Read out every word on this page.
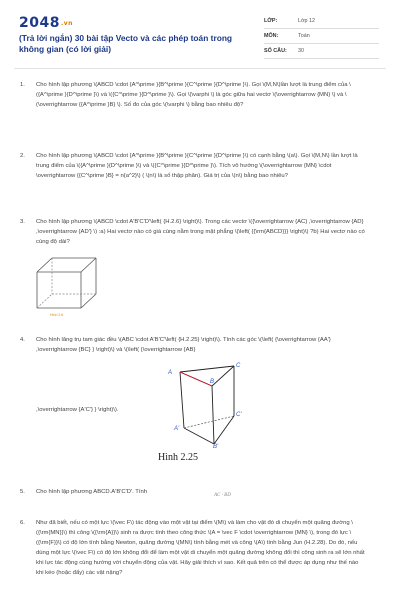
2048.vn
(Trả lời ngắn) 30 bài tập Vecto và các phép toán trong không gian (có lời giải)
LỚP:	Lớp 12
MÔN:	Toán
SỐ CÂU:	30
1.	Cho hình lập phương \(ABCD \cdot {A^\prime }{B^\prime }{C^\prime }{D^\prime }\). Gọi \(M,N\)lần lượt là trung điểm của \({A^\prime }{D^\prime }\) và \({C^\prime }{D^\prime }\). Gọi \(\varphi \) là góc giữa hai vectơ \(\overrightarrow {MN} \) và \(\overrightarrow {{A^\prime }B} \). Số đo của góc \(\varphi \) bằng bao nhiêu độ?
2.	Cho hình lập phương \(ABCD \cdot {A^\prime }{B^\prime }{C^\prime }{D^\prime }\) có cạnh bằng \(a\). Gọi \(M,N\) lần lượt là trung điểm của \({A^\prime }{D^\prime }\) và \({C^\prime }{D^\prime }\). Tích vô hướng \(\overrightarrow {MN} \cdot \overrightarrow {{C^\prime }B} = n{a^2}\) ( \(n\) là số thập phân). Giá trị của \(n\) bằng bao nhiêu?
3.	Cho hình lập phương \(ABCD \cdot A'B'C'D'\left( {H.2.6} \right)\). Trong các vectơ \({\overrightarrow {AC} ,\overrightarrow {AD} ,\overrightarrow {AD'} \) :a) Hai vectơ nào có giá cùng nằm trong mặt phẳng \(\left( {{\rm{ABCD}}} \right)\) ?b) Hai vectơ nào có cùng độ dài?
Hình 2.6
4.	Cho hình lăng trụ tam giác đều \(ABC \cdot A'B'C'\left( {H.2.25} \right)\). Tính các góc \(\left( {\overrightarrow {AA'} ,\overrightarrow {BC} } \right)\) và \(\left( {\overrightarrow {AB}
,\overrightarrow {A'C'} } \right)\).
A
B
C
A'
B'
C'
Hình 2.25
5.	Cho hình lập phương ABCD.A'B'C'D'. Tính
AC · BD
6.	Như đã biết, nếu có một lực \(\vec F\) tác động vào một vật tại điểm \(M\) và làm cho vật đó di chuyển một quãng đường \({\rm{MN}}\) thì công \({\rm{A}}\) sinh ra được tính theo công thức \(A = \vec F \cdot \overrightarrow {MN} \), trong đó lực \({\rm{F}}\) có độ lớn tính bằng Newton, quãng đường \(MN\) tính bằng mét và công \(A\) tính bằng Jun (H.2.28). Do đó, nếu dùng một lực \(\vec F\) có độ lớn không đổi để làm một vật di chuyển một quãng đường không đổi thì công sinh ra sẽ lớn nhất khi lực tác động cùng hướng với chuyển động của vật. Hãy giải thích vì sao. Kết quả trên có thể được áp dụng như thế nào khi kéo (hoặc đẩy) các vật nặng?
